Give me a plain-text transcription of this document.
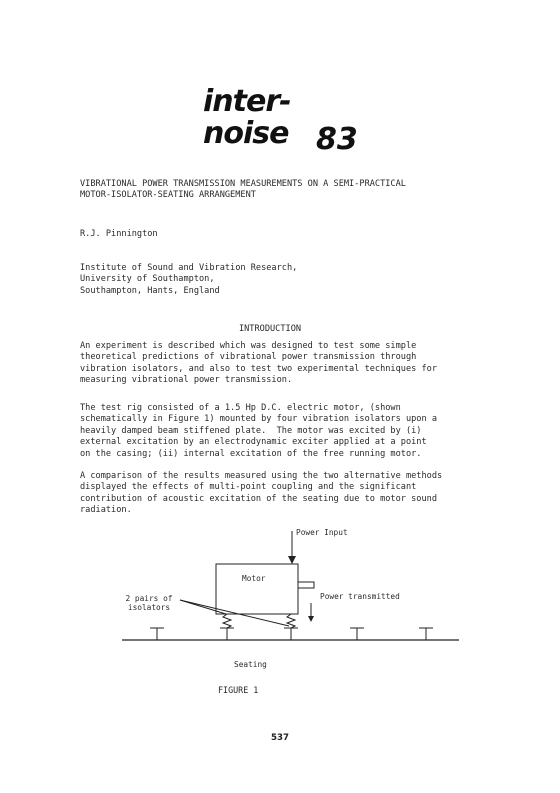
inter-noise 83
VIBRATIONAL POWER TRANSMISSION MEASUREMENTS ON A SEMI-PRACTICAL
MOTOR-ISOLATOR-SEATING ARRANGEMENT
R.J. Pinnington
Institute of Sound and Vibration Research,
University of Southampton,
Southampton, Hants, England
INTRODUCTION
An experiment is described which was designed to test some simple
theoretical predictions of vibrational power transmission through
vibration isolators, and also to test two experimental techniques for
measuring vibrational power transmission.
The test rig consisted of a 1.5 Hp D.C. electric motor, (shown
schematically in Figure 1) mounted by four vibration isolators upon a
heavily damped beam stiffened plate.  The motor was excited by (i)
external excitation by an electrodynamic exciter applied at a point
on the casing; (ii) internal excitation of the free running motor.
A comparison of the results measured using the two alternative methods
displayed the effects of multi-point coupling and the significant
contribution of acoustic excitation of the seating due to motor sound
radiation.
Power Input
Motor
2 pairs of
isolators
Power transmitted
Seating
FIGURE 1
537
